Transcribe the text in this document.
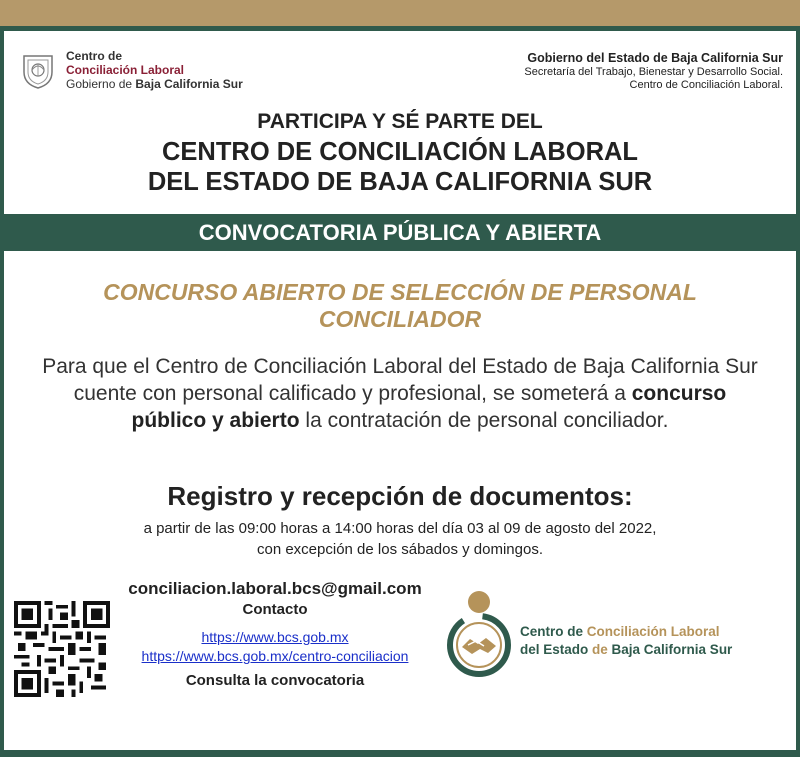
Centro de
Conciliación Laboral
Gobierno de Baja California Sur
Gobierno del Estado de Baja California Sur
Secretaría del Trabajo, Bienestar y Desarrollo Social.
Centro de Conciliación Laboral.
PARTICIPA Y SÉ PARTE DEL
CENTRO DE CONCILIACIÓN LABORAL
DEL ESTADO DE BAJA CALIFORNIA SUR
CONVOCATORIA PÚBLICA Y ABIERTA
CONCURSO ABIERTO DE SELECCIÓN DE PERSONAL
CONCILIADOR
Para que el Centro de Conciliación Laboral del Estado de Baja California Sur cuente con personal calificado y profesional, se someterá a concurso público y abierto la contratación de personal conciliador.
Registro y recepción de documentos:
a partir de las 09:00 horas a 14:00 horas del día 03 al 09 de agosto del 2022,
con excepción de los sábados y domingos.
conciliacion.laboral.bcs@gmail.com
Contacto
https://www.bcs.gob.mx
https://www.bcs.gob.mx/centro-conciliacion
Consulta la convocatoria
Centro de Conciliación Laboral
del Estado de Baja California Sur
